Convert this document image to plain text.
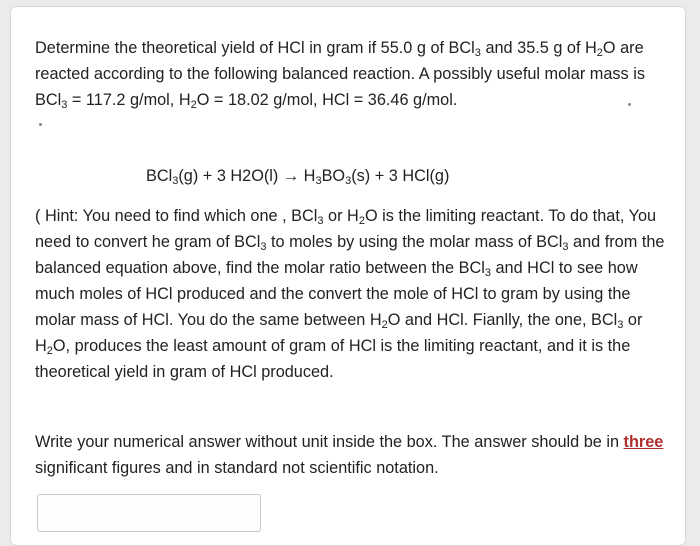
Determine the theoretical yield of HCl in gram if 55.0 g of BCl$_3$ and 35.5 g of $H_2O$ are reacted according to the following balanced reaction. A possibly useful molar mass is BCl$_3$ = 117.2 g/mol, $H_2O = 18.02$ g/mol, HCl = 36.46 g/mol.

BCl$_3$(g) + 3 $H2O(l) \to H_3BO_3(s) + 3$ HCl(g)

( Hint: You need to find which one , BCl$_3$ or $H_2O$ is the limiting reactant. To do that, You need to convert he gram of BCl$_3$ to moles by using the molar mass of BCl$_3$ and from the balanced equation above, find the molar ratio between the BCl$_3$ and HCl to see how much moles of HCl produced and the convert the mole of HCl to gram by using the molar mass of HCl. You do the same between $H_2O$ and HCl. Fianlly, the one, BCl$_3$ or $H_2O$, produces the least amount of gram of HCl is the limiting reactant, and it is the theoretical yield in gram of HCl produced.

Write your numerical answer without unit inside the box. The answer should be in three significant figures and in standard not scientific notation.
